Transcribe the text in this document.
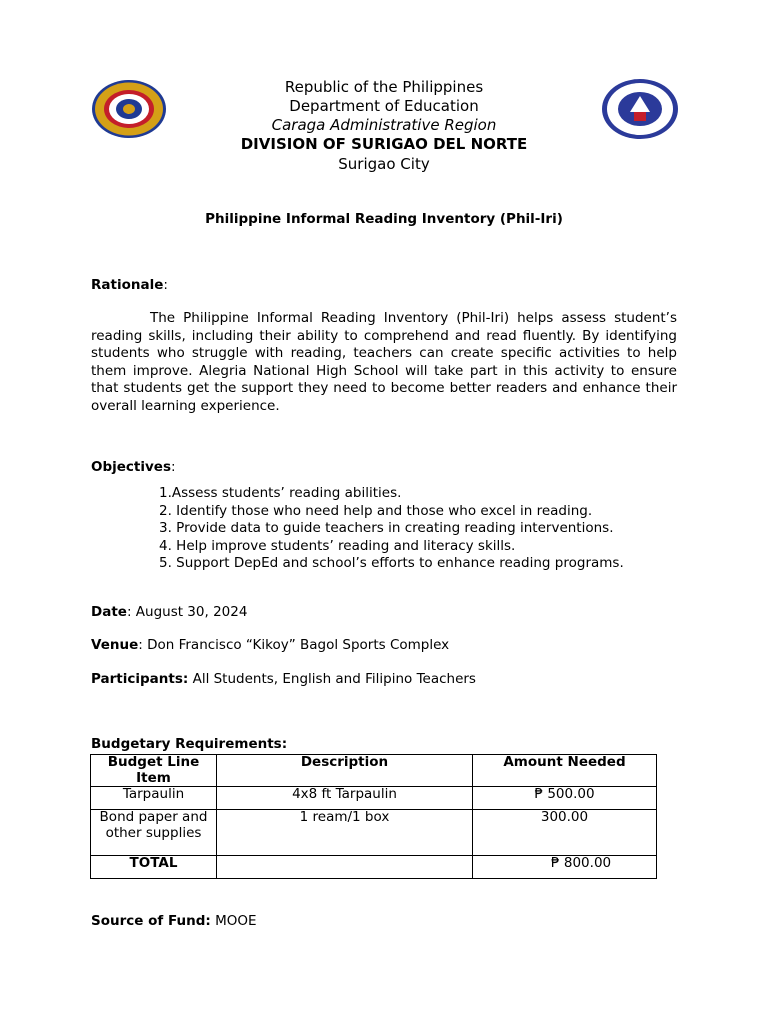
Republic of the Philippines
Department of Education
Caraga Administrative Region
DIVISION OF SURIGAO DEL NORTE
Surigao City
Philippine Informal Reading Inventory (Phil-Iri)
Rationale:
The Philippine Informal Reading Inventory (Phil-Iri) helps assess student’s reading skills, including their ability to comprehend and read fluently. By identifying students who struggle with reading, teachers can create specific activities to help them improve. Alegria National High School will take part in this activity to ensure that students get the support they need to become better readers and enhance their overall learning experience.
Objectives:
1.Assess students’ reading abilities.
2. Identify those who need help and those who excel in reading.
3. Provide data to guide teachers in creating reading interventions.
4. Help improve students’ reading and literacy skills.
5. Support DepEd and school’s efforts to enhance reading programs.
Date: August 30, 2024
Venue: Don Francisco “Kikoy” Bagol Sports Complex
Participants: All Students, English and Filipino Teachers
Budgetary Requirements:
Budget Line Item	Description	Amount Needed
Tarpaulin	4x8 ft Tarpaulin	₱ 500.00
Bond paper and other supplies	1 ream/1 box	300.00
TOTAL		₱ 800.00
Source of Fund: MOOE
